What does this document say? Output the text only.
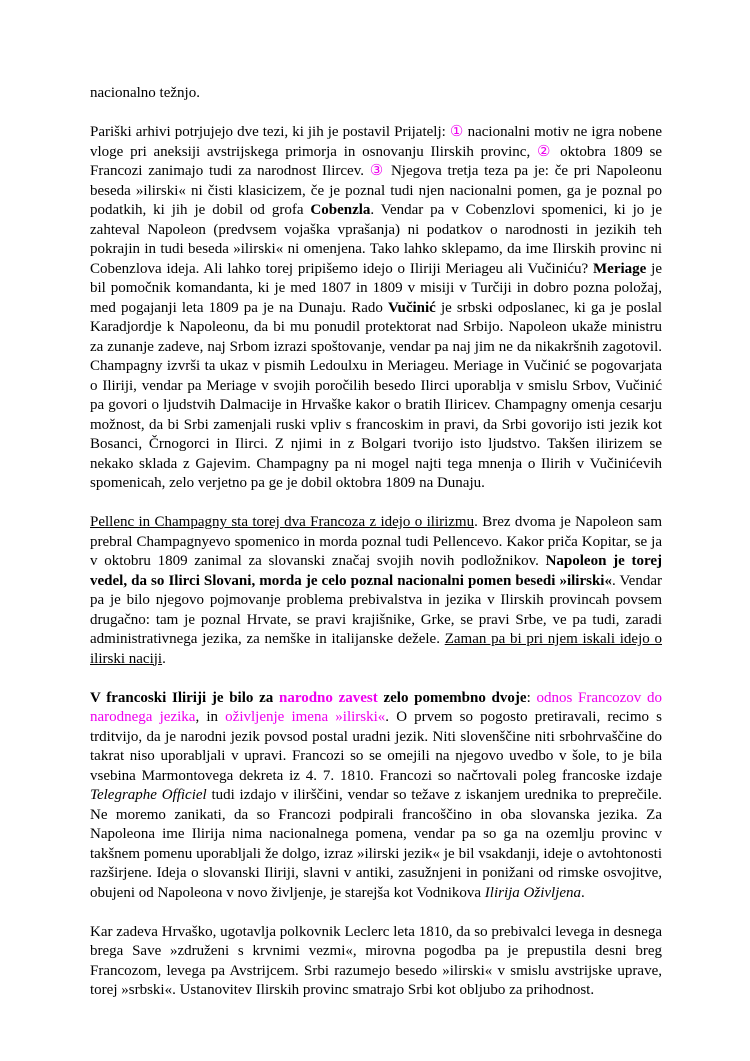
nacionalno težnjo.

Pariški arhivi potrjujejo dve tezi, ki jih je postavil Prijatelj: ① nacionalni motiv ne igra nobene vloge pri aneksiji avstrijskega primorja in osnovanju Ilirskih provinc, ② oktobra 1809 se Francozi zanimajo tudi za narodnost Ilircev. ③ Njegova tretja teza pa je: če pri Napoleonu beseda »ilirski« ni čisti klasicizem, če je poznal tudi njen nacionalni pomen, ga je poznal po podatkih, ki jih je dobil od grofa Cobenzla. Vendar pa v Cobenzlovi spomenici, ki jo je zahteval Napoleon (predvsem vojaška vprašanja) ni podatkov o narodnosti in jezikih teh pokrajin in tudi beseda »ilirski« ni omenjena. Tako lahko sklepamo, da ime Ilirskih provinc ni Cobenzlova ideja. Ali lahko torej pripišemo idejo o Iliriji Meriageu ali Vučiniću? Meriage je bil pomočnik komandanta, ki je med 1807 in 1809 v misiji v Turčiji in dobro pozna položaj, med pogajanji leta 1809 pa je na Dunaju. Rado Vučinić je srbski odposlanec, ki ga je poslal Karadjordje k Napoleonu, da bi mu ponudil protektorat nad Srbijo. Napoleon ukaže ministru za zunanje zadeve, naj Srbom izrazi spoštovanje, vendar pa naj jim ne da nikakršnih zagotovil. Champagny izvrši ta ukaz v pismih Ledoulxu in Meriageu. Meriage in Vučinić se pogovarjata o Iliriji, vendar pa Meriage v svojih poročilih besedo Ilirci uporablja v smislu Srbov, Vučinić pa govori o ljudstvih Dalmacije in Hrvaške kakor o bratih Iliricev. Champagny omenja cesarju možnost, da bi Srbi zamenjali ruski vpliv s francoskim in pravi, da Srbi govorijo isti jezik kot Bosanci, Črnogorci in Ilirci. Z njimi in z Bolgari tvorijo isto ljudstvo. Takšen ilirizem se nekako sklada z Gajevim. Champagny pa ni mogel najti tega mnenja o Ilirih v Vučinićevih spomenicah, zelo verjetno pa ge je dobil oktobra 1809 na Dunaju.

Pellenc in Champagny sta torej dva Francoza z idejo o ilirizmu. Brez dvoma je Napoleon sam prebral Champagnyevo spomenico in morda poznal tudi Pellencevo. Kakor priča Kopitar, se ja v oktobru 1809 zanimal za slovanski značaj svojih novih podložnikov. Napoleon je torej vedel, da so Ilirci Slovani, morda je celo poznal nacionalni pomen besedi »ilirski«. Vendar pa je bilo njegovo pojmovanje problema prebivalstva in jezika v Ilirskih provincah povsem drugačno: tam je poznal Hrvate, se pravi krajišnike, Grke, se pravi Srbe, ve pa tudi, zaradi administrativnega jezika, za nemške in italijanske dežele. Zaman pa bi pri njem iskali idejo o ilirski naciji.

V francoski Iliriji je bilo za narodno zavest zelo pomembno dvoje: odnos Francozov do narodnega jezika, in oživljenje imena »ilirski«. O prvem so pogosto pretiravali, recimo s trditvijo, da je narodni jezik povsod postal uradni jezik. Niti slovenščine niti srbohrvaščine do takrat niso uporabljali v upravi. Francozi so se omejili na njegovo uvedbo v šole, to je bila vsebina Marmontovega dekreta iz 4. 7. 1810. Francozi so načrtovali poleg francoske izdaje Telegraphe Officiel tudi izdajo v ilirščini, vendar so težave z iskanjem urednika to preprečile. Ne moremo zanikati, da so Francozi podpirali francoščino in oba slovanska jezika. Za Napoleona ime Ilirija nima nacionalnega pomena, vendar pa so ga na ozemlju provinc v takšnem pomenu uporabljali že dolgo, izraz »ilirski jezik« je bil vsakdanji, ideje o avtohtonosti razširjene. Ideja o slovanski Iliriji, slavni v antiki, zasužnjeni in ponižani od rimske osvojitve, obujeni od Napoleona v novo življenje, je starejša kot Vodnikova Ilirija Oživljena.

Kar zadeva Hrvaško, ugotavlja polkovnik Leclerc leta 1810, da so prebivalci levega in desnega brega Save »združeni s krvnimi vezmi«, mirovna pogodba pa je prepustila desni breg Francozom, levega pa Avstrijcem. Srbi razumejo besedo »ilirski« v smislu avstrijske uprave, torej »srbski«. Ustanovitev Ilirskih provinc smatrajo Srbi kot obljubo za prihodnost.
